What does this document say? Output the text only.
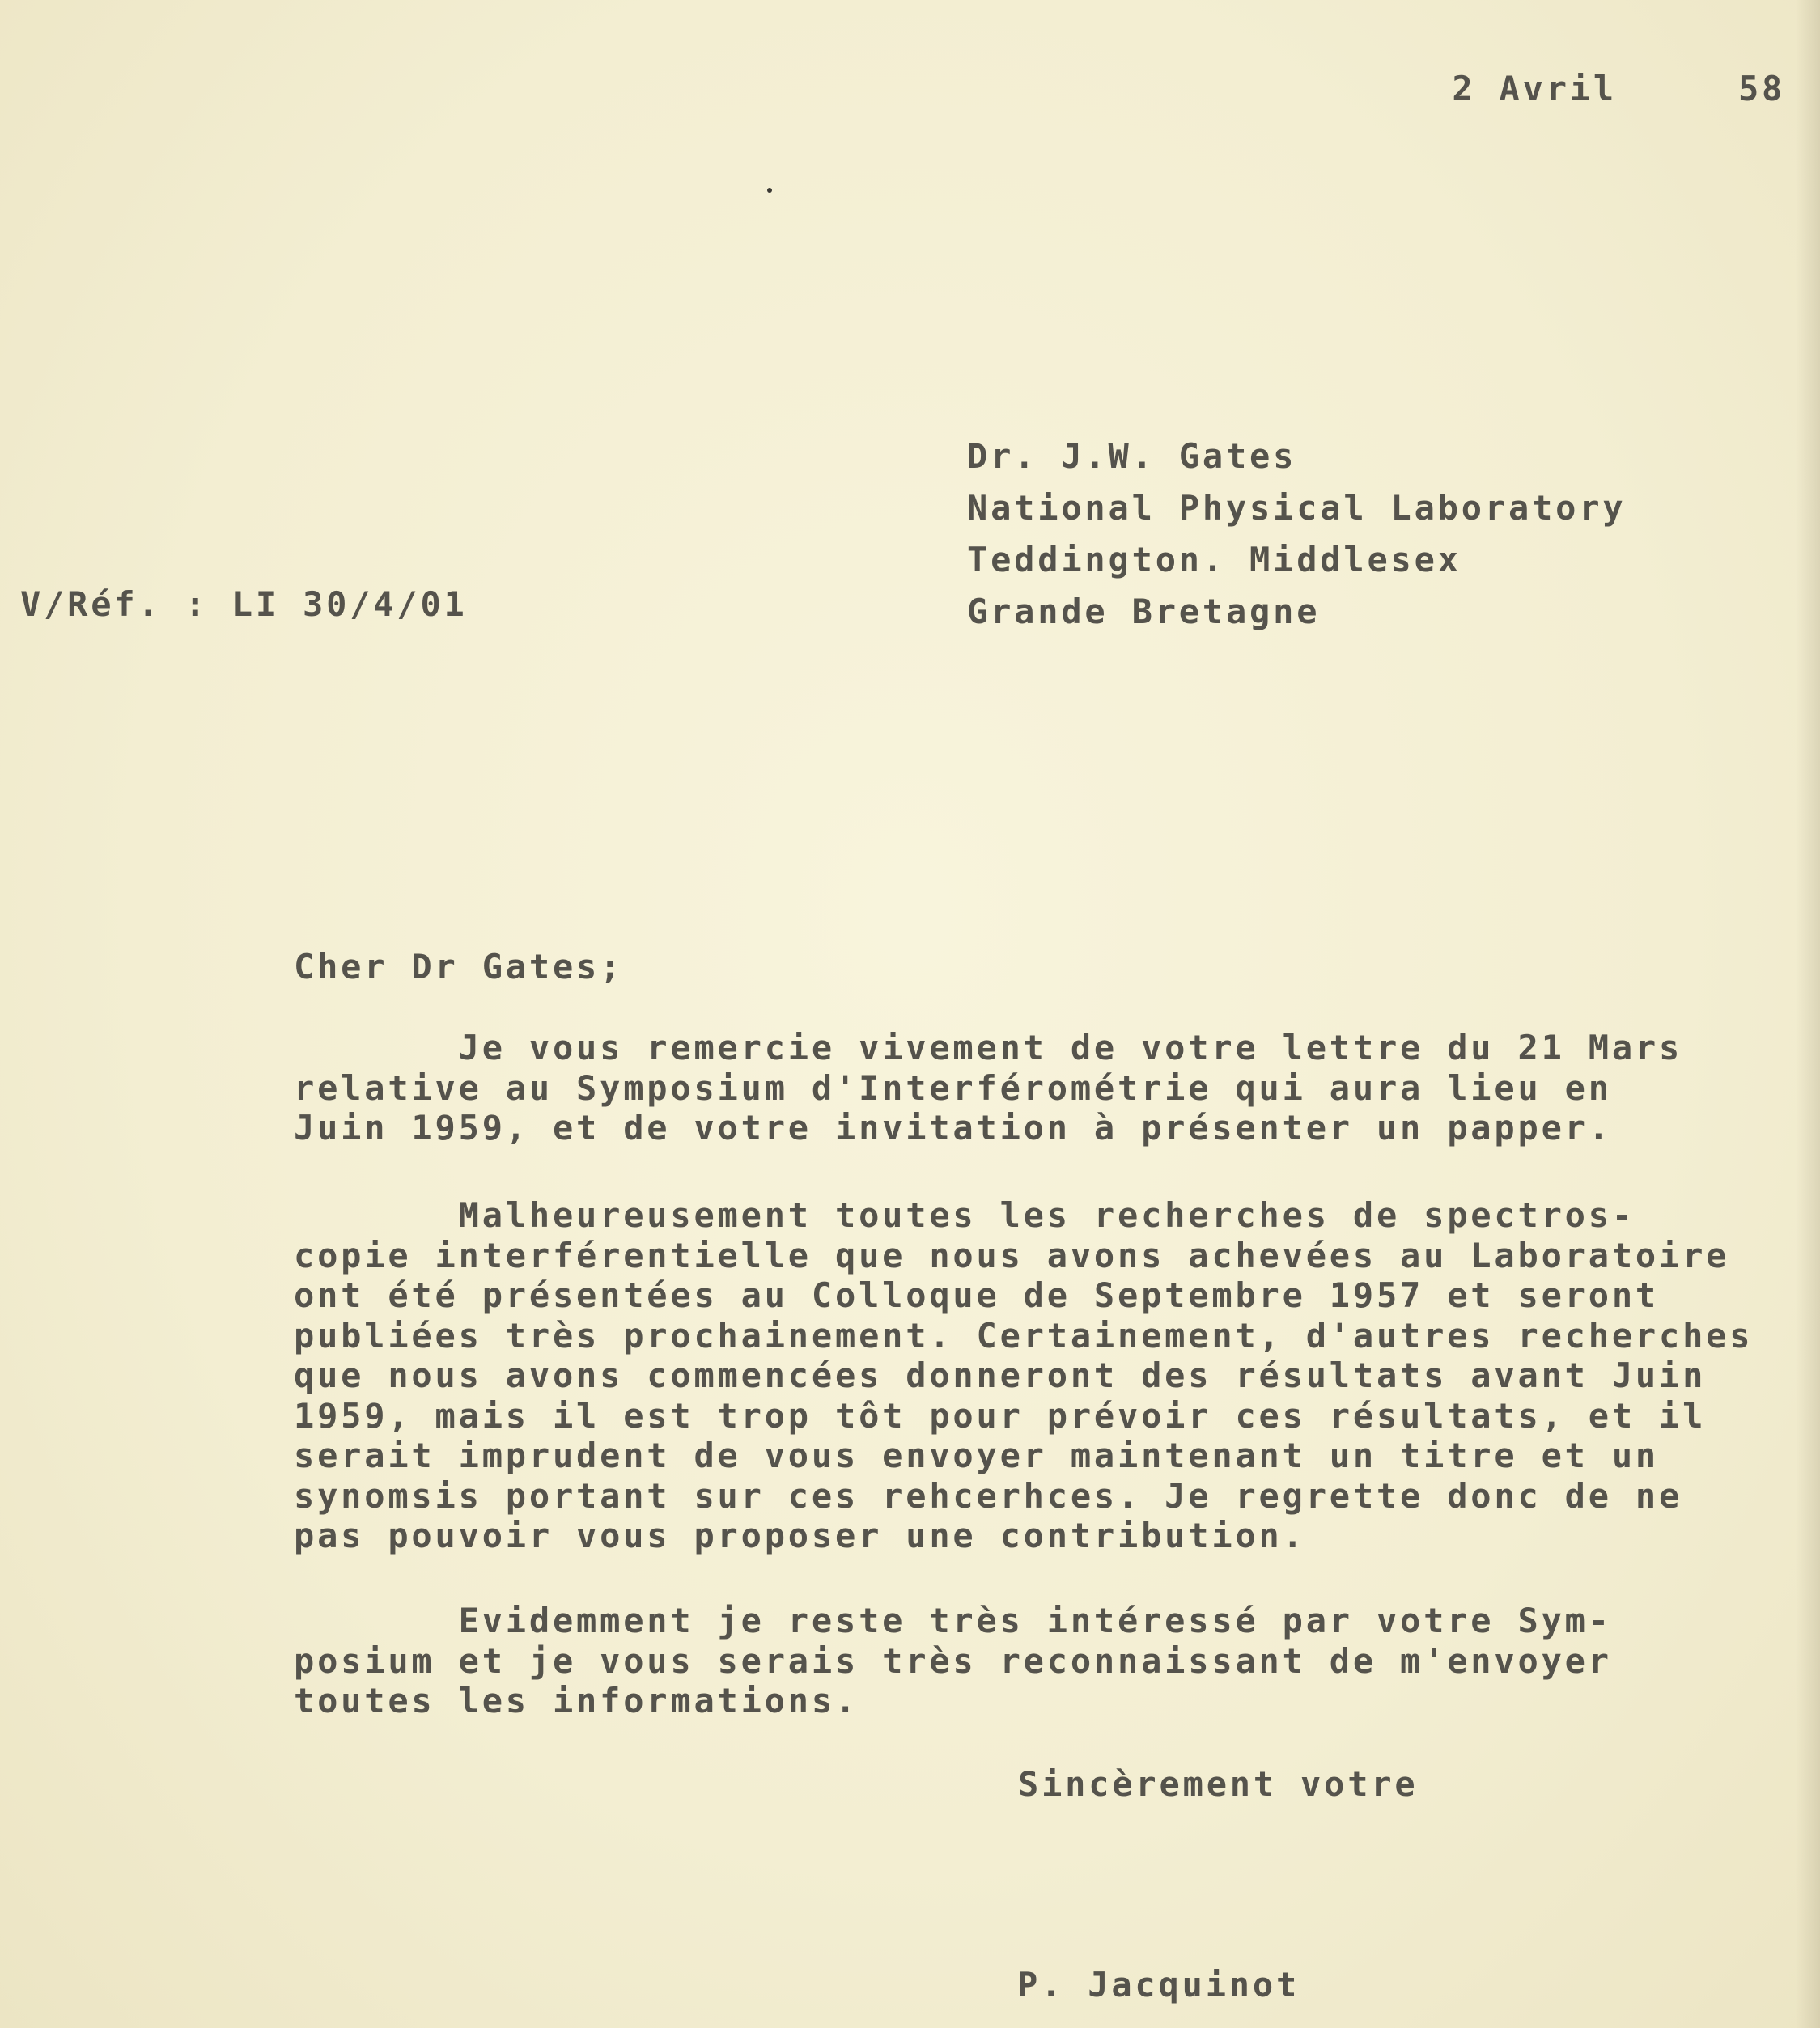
2 Avril	58

Dr. J.W. Gates
National Physical Laboratory
Teddington. Middlesex
Grande Bretagne
V/Réf. : LI 30/4/01
Cher Dr Gates;
Je vous remercie vivement de votre lettre du 21 Mars
relative au Symposium d'Interférométrie qui aura lieu en
Juin 1959, et de votre invitation à présenter un papper.
Malheureusement toutes les recherches de spectros-
copie interférentielle que nous avons achevées au Laboratoire
ont été présentées au Colloque de Septembre 1957 et seront
publiées très prochainement. Certainement, d'autres recherches
que nous avons commencées donneront des résultats avant Juin
1959, mais il est trop tôt pour prévoir ces résultats, et il
serait imprudent de vous envoyer maintenant un titre et un
synomsis portant sur ces rehcerhces. Je regrette donc de ne
pas pouvoir vous proposer une contribution.
Evidemment je reste très intéressé par votre Sym-
posium et je vous serais très reconnaissant de m'envoyer
toutes les informations.
Sincèrement votre
P. Jacquinot
